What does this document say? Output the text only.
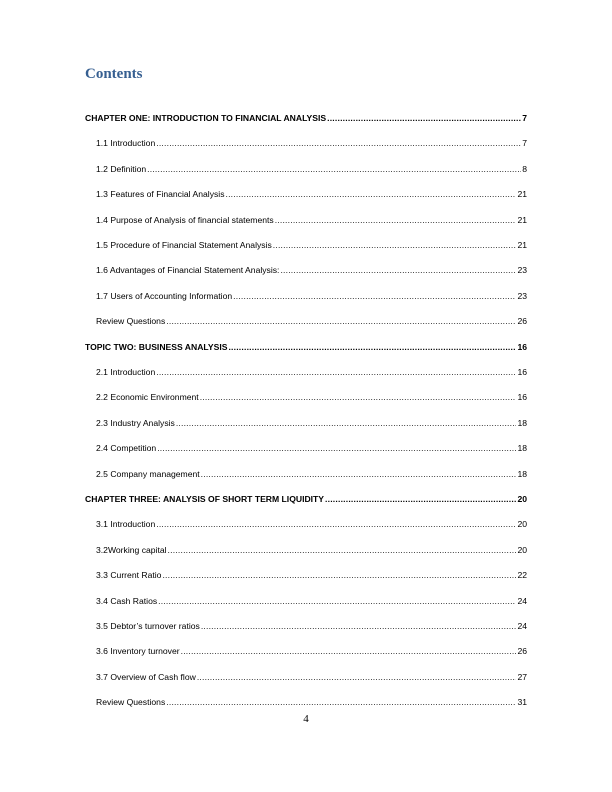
Contents
CHAPTER ONE: INTRODUCTION TO FINANCIAL ANALYSIS .....	7
1.1 Introduction .....	7
1.2 Definition .....	8
1.3 Features of Financial Analysis .....	21
1.4 Purpose of Analysis of financial statements .....	21
1.5 Procedure of Financial Statement Analysis .....	21
1.6 Advantages of Financial Statement Analysis: .....	23
1.7 Users of Accounting Information .....	23
Review Questions .....	26
TOPIC TWO: BUSINESS ANALYSIS .....	16
2.1 Introduction .....	16
2.2 Economic Environment .....	16
2.3 Industry Analysis .....	18
2.4 Competition .....	18
2.5 Company management .....	18
CHAPTER THREE: ANALYSIS OF SHORT TERM LIQUIDITY .....	20
3.1 Introduction .....	20
3.2Working capital .....	20
3.3 Current Ratio .....	22
3.4 Cash Ratios .....	24
3.5 Debtor’s turnover ratios .....	24
3.6 Inventory turnover .....	26
3.7 Overview of Cash flow .....	27
Review Questions .....	31
4
